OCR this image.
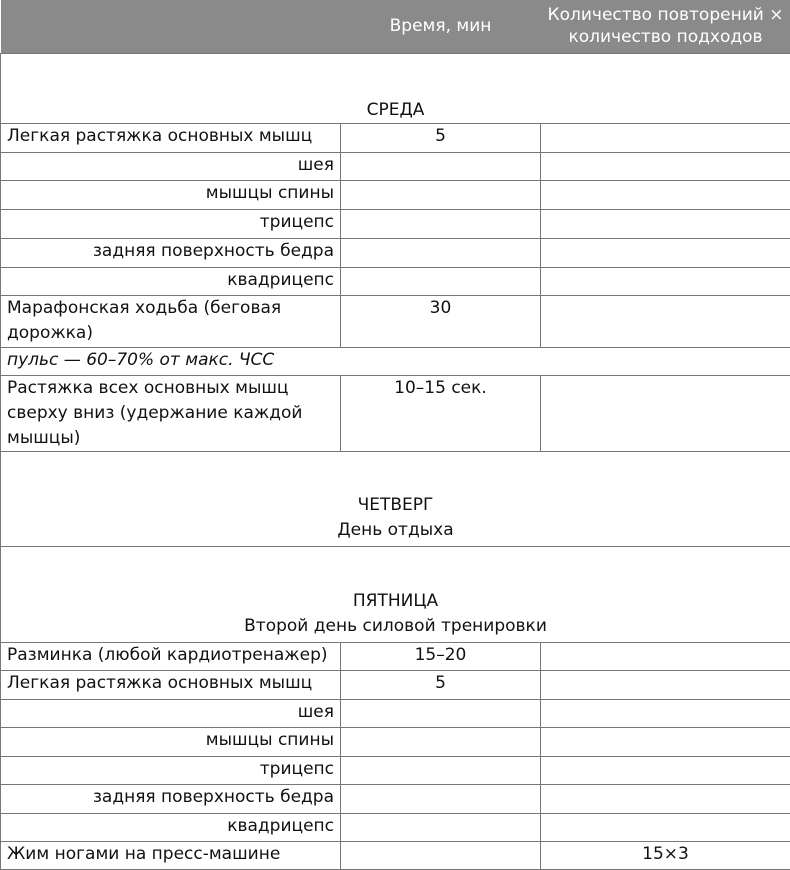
	Время, мин	Количество повторений × количество подходов
СРЕДА		
Легкая растяжка основных мышц	5	
шея		
мышцы спины		
трицепс		
задняя поверхность бедра		
квадрицепс		
Марафонская ходьба (беговая дорожка)	30	
пульс — 60–70% от макс. ЧСС		
Растяжка всех основных мышц сверху вниз (удержание каждой мышцы)	10–15 сек.	

ЧЕТВЕРГ
День отдыха		

ПЯТНИЦА
Второй день силовой тренировки		

Разминка (любой кардиотренажер)	15–20	
Легкая растяжка основных мышц	5	
шея		
мышцы спины		
трицепс		
задняя поверхность бедра		
квадрицепс		
Жим ногами на пресс-машине		15×3
